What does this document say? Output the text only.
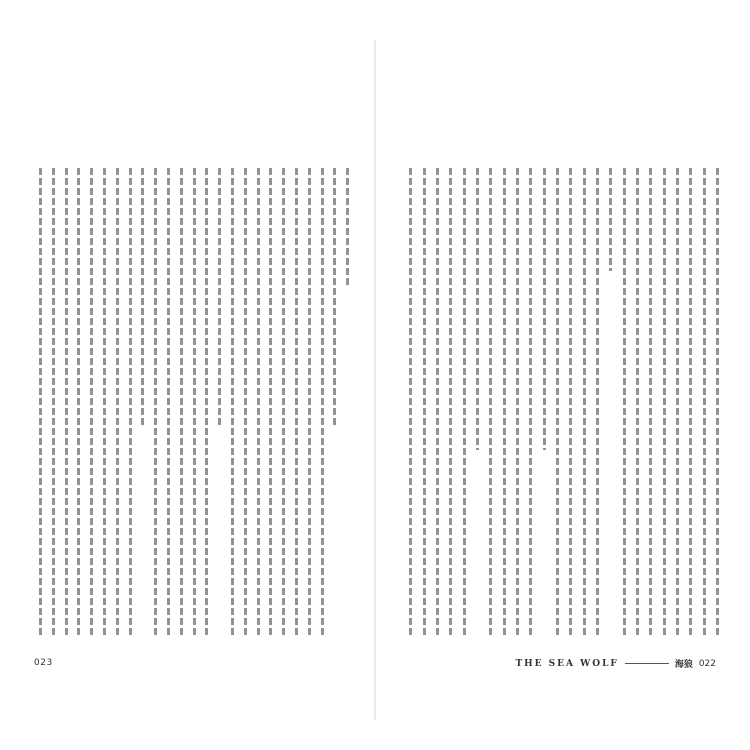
023	THE SEA WOLF	海狼 022
